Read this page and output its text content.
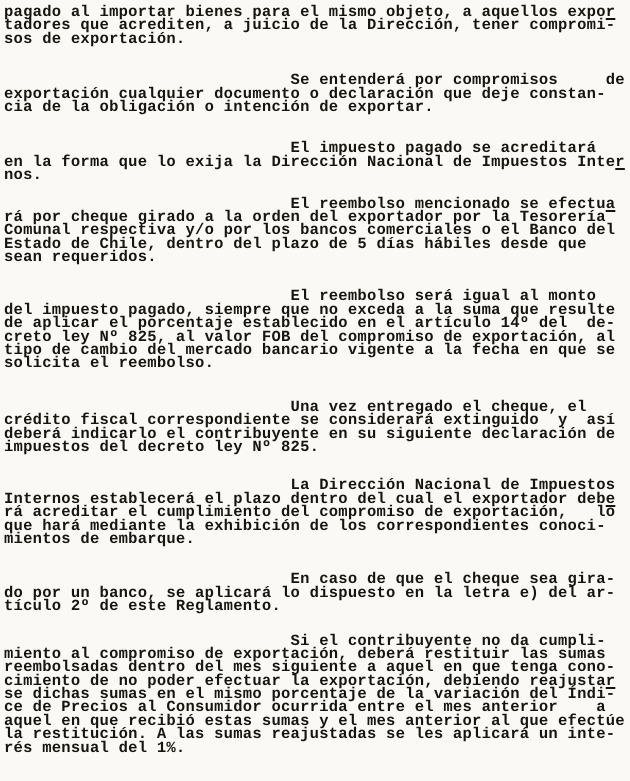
pagado al importar bienes para el mismo objeto, a aquellos expor
tadores que acrediten, a juicio de la Dirección, tener compromi-
sos de exportación.
Se entenderá por compromisos     de
exportación cualquier documento o declaración que deje constan-
cia de la obligación o intención de exportar.
El impuesto pagado se acreditará
en la forma que lo exija la Dirección Nacional de Impuestos Inter
nos.
El reembolso mencionado se efectua
rá por cheque girado a la orden del exportador por la Tesorería
Comunal respectiva y/o por los bancos comerciales o el Banco del
Estado de Chile, dentro del plazo de 5 días hábiles desde que
sean requeridos.
El reembolso será igual al monto
del impuesto pagado, siempre que no exceda a la suma que resulte
de aplicar el porcentaje establecido en el artículo 14º del  de-
creto ley Nº 825, al valor FOB del compromiso de exportación, al
tipo de cambio del mercado bancario vigente a la fecha en que se
solicita el reembolso.
Una vez entregado el cheque, el
crédito fiscal correspondiente se considerará extinguido  y  así
deberá indicarlo el contribuyente en su siguiente declaración de
impuestos del decreto ley Nº 825.
La Dirección Nacional de Impuestos
Internos establecerá el plazo dentro del cual el exportador debe
rá acreditar el cumplimiento del compromiso de exportación,   lo
que hará mediante la exhibición de los correspondientes conoci-
mientos de embarque.
En caso de que el cheque sea gira-
do por un banco, se aplicará lo dispuesto en la letra e) del ar-
tículo 2º de este Reglamento.
Si el contribuyente no da cumpli-
miento al compromiso de exportación, deberá restituir las sumas
reembolsadas dentro del mes siguiente a aquel en que tenga cono-
cimiento de no poder efectuar la exportación, debiendo reajustar
se dichas sumas en el mismo porcentaje de la variación del Índi-
ce de Precios al Consumidor ocurrida entre el mes anterior    a
aquel en que recibió estas sumas y el mes anterior al que efectúe
la restitución. A las sumas reajustadas se les aplicará un inte-
rés mensual del 1%.
